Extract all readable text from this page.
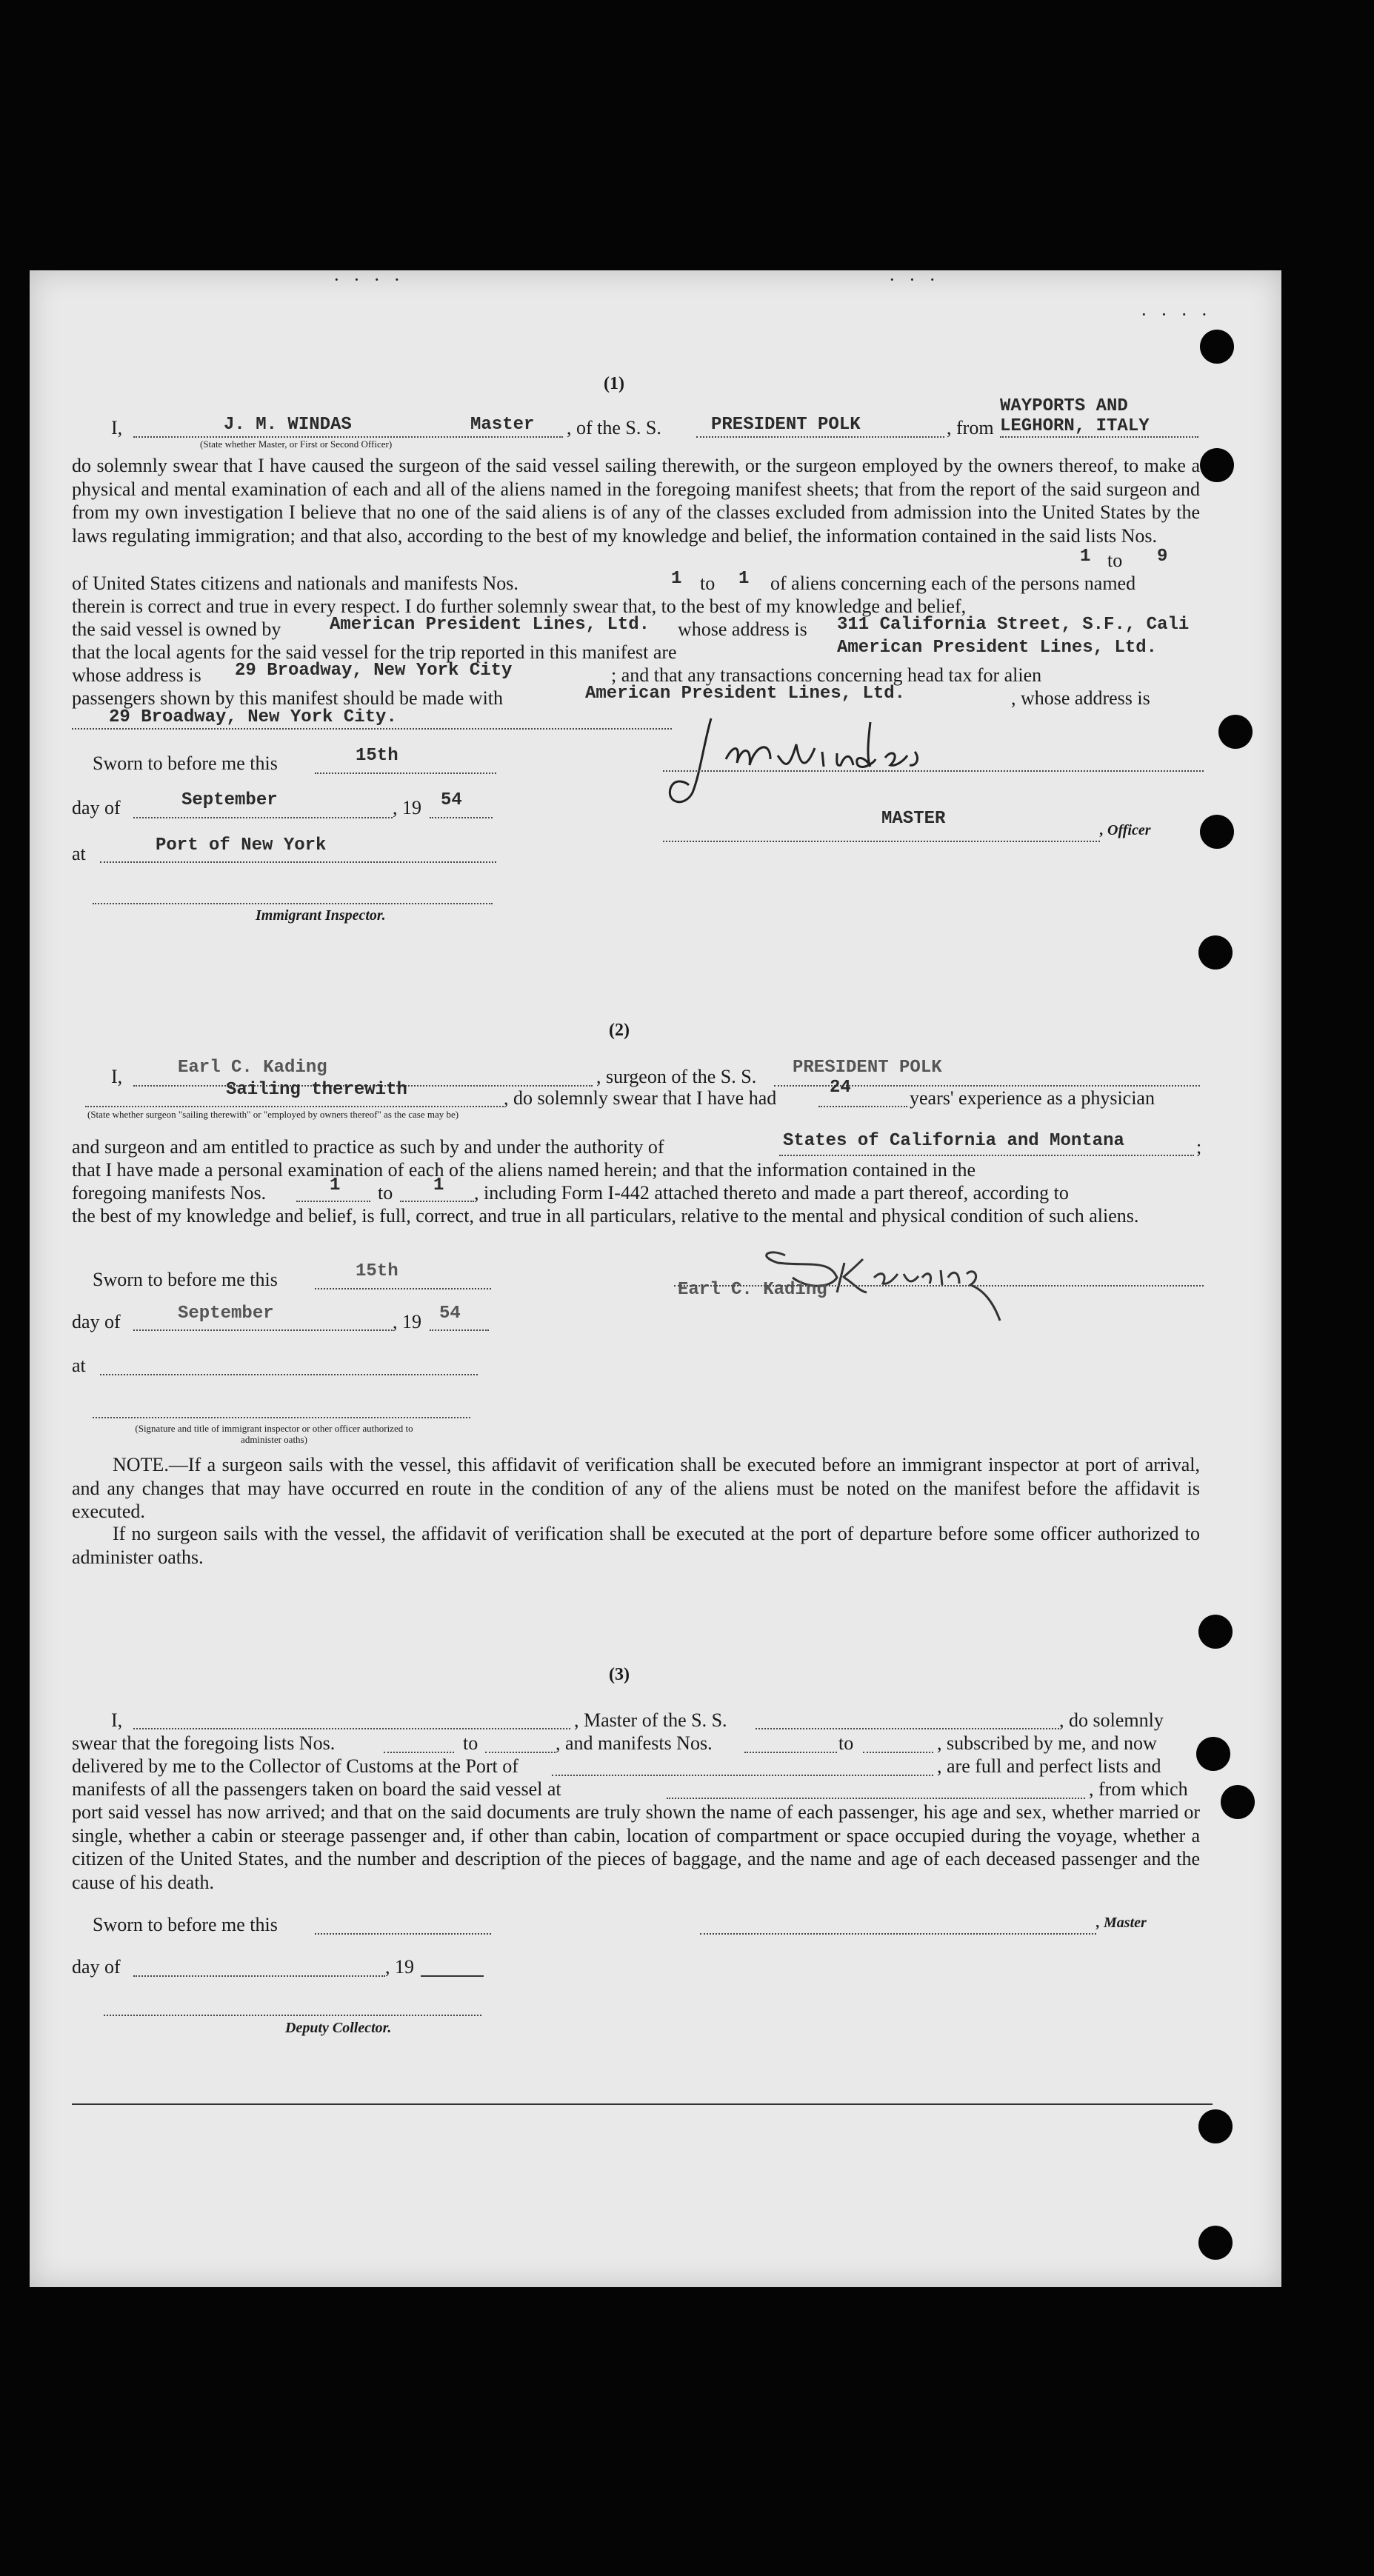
· · · ·	· · ·
· · · ·
(1)
WAYPORTS AND
I,	J. M. WINDAS	Master
(State whether Master, or First or Second Officer)
, of the S. S.	PRESIDENT POLK	, from LEGHORN, ITALY
do solemnly swear that I have caused the surgeon of the said vessel sailing therewith, or the surgeon employed by the owners thereof, to make a physical and mental examination of each and all of the aliens named in the foregoing manifest sheets; that from the report of the said surgeon and from my own investigation I believe that no one of the said aliens is of any of the classes excluded from admission into the United States by the laws regulating immigration; and that also, according to the best of my knowledge and belief, the information contained in the said lists Nos.
1 to 9
of United States citizens and nationals and manifests Nos.	1 to 1 of aliens concerning each of the persons named
therein is correct and true in every respect. I do further solemnly swear that, to the best of my knowledge and belief,
the said vessel is owned by	American President Lines, Ltd. whose address is 311 California Street, S.F., Cali
that the local agents for the said vessel for the trip reported in this manifest are	American President Lines, Ltd.
whose address is 29 Broadway, New York City	; and that any transactions concerning head tax for alien
passengers shown by this manifest should be made with	American President Lines, Ltd.	, whose address is
29 Broadway, New York City.
Sworn to before me this	15th
day of	September	, 19 54
at	Port of New York
Immigrant Inspector.
MASTER
, Officer
(2)
I,	Earl C. Kading	, surgeon of the S. S. PRESIDENT POLK
Sailing therewith	, do solemnly swear that I have had	24	years' experience as a physician
(State whether surgeon "sailing therewith" or "employed by owners thereof" as the case may be)
and surgeon and am entitled to practice as such by and under the authority of	States of California and Montana	;
that I have made a personal examination of each of the aliens named herein; and that the information contained in the
foregoing manifests Nos.	1 to 1 , including Form I-442 attached thereto and made a part thereof, according to
the best of my knowledge and belief, is full, correct, and true in all particulars, relative to the mental and physical condition of such aliens.
Sworn to before me this	15th
day of	September	, 19 54
at
(Signature and title of immigrant inspector or other officer authorized to administer oaths)
Earl C. Kading
NOTE.—If a surgeon sails with the vessel, this affidavit of verification shall be executed before an immigrant inspector at port of arrival, and any changes that may have occurred en route in the condition of any of the aliens must be noted on the manifest before the affidavit is executed.
If no surgeon sails with the vessel, the affidavit of verification shall be executed at the port of departure before some officer authorized to administer oaths.
(3)
I,	, Master of the S. S.	, do solemnly
swear that the foregoing lists Nos.	to	, and manifests Nos.	to	, subscribed by me, and now
delivered by me to the Collector of Customs at the Port of	, are full and perfect lists and
manifests of all the passengers taken on board the said vessel at	, from which
port said vessel has now arrived; and that on the said documents are truly shown the name of each passenger, his age and sex, whether married or single, whether a cabin or steerage passenger and, if other than cabin, location of compartment or space occupied during the voyage, whether a citizen of the United States, and the number and description of the pieces of baggage, and the name and age of each deceased passenger and the cause of his death.
Sworn to before me this	, Master
day of	, 19
Deputy Collector.
